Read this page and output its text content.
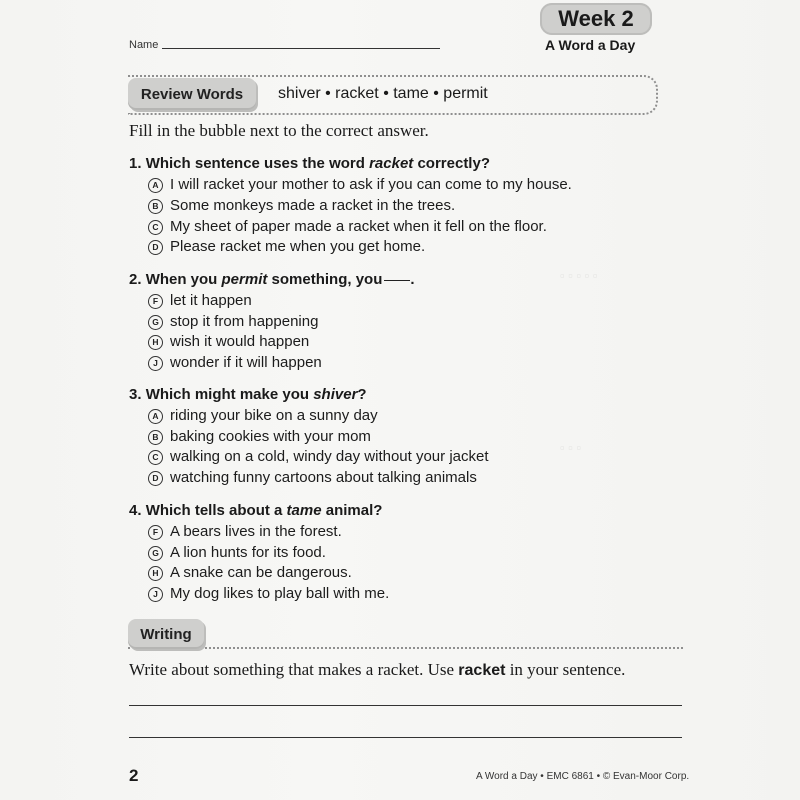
▫ ▫ ▫ ▫ ▫
▫ ▫ ▫
Week 2
A Word a Day
Name
Review Words shiver • racket • tame • permit
Fill in the bubble next to the correct answer.
1. Which sentence uses the word racket correctly?
A I will racket your mother to ask if you can come to my house.
B Some monkeys made a racket in the trees.
C My sheet of paper made a racket when it fell on the floor.
D Please racket me when you get home.
2. When you permit something, you .
F let it happen
G stop it from happening
H wish it would happen
J wonder if it will happen
3. Which might make you shiver?
A riding your bike on a sunny day
B baking cookies with your mom
C walking on a cold, windy day without your jacket
D watching funny cartoons about talking animals
4. Which tells about a tame animal?
F A bears lives in the forest.
G A lion hunts for its food.
H A snake can be dangerous.
J My dog likes to play ball with me.
Writing
Write about something that makes a racket. Use racket in your sentence.
2	A Word a Day • EMC 6861 • © Evan-Moor Corp.
